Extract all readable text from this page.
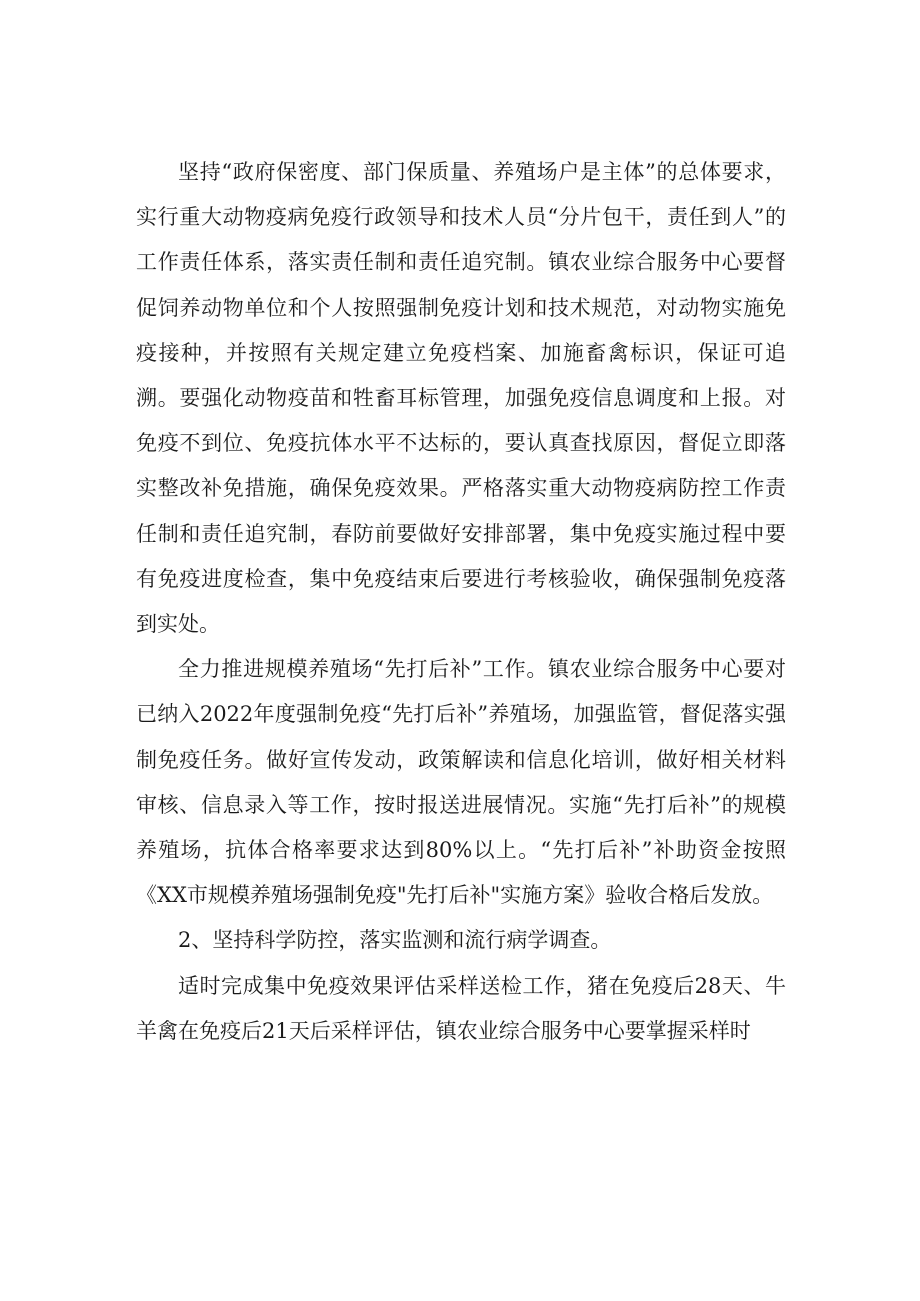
坚持“政府保密度、部门保质量、养殖场户是主体”的总体要求，实行重大动物疫病免疫行政领导和技术人员“分片包干，责任到人”的工作责任体系，落实责任制和责任追究制。镇农业综合服务中心要督促饲养动物单位和个人按照强制免疫计划和技术规范，对动物实施免疫接种，并按照有关规定建立免疫档案、加施畜禽标识，保证可追溯。要强化动物疫苗和牲畜耳标管理，加强免疫信息调度和上报。对免疫不到位、免疫抗体水平不达标的，要认真查找原因，督促立即落实整改补免措施，确保免疫效果。严格落实重大动物疫病防控工作责任制和责任追究制，春防前要做好安排部署，集中免疫实施过程中要有免疫进度检查，集中免疫结束后要进行考核验收，确保强制免疫落到实处。

全力推进规模养殖场“先打后补”工作。镇农业综合服务中心要对已纳入2022年度强制免疫“先打后补”养殖场，加强监管，督促落实强制免疫任务。做好宣传发动，政策解读和信息化培训，做好相关材料审核、信息录入等工作，按时报送进展情况。实施“先打后补”的规模养殖场，抗体合格率要求达到80%以上。“先打后补”补助资金按照《XX市规模养殖场强制免疫"先打后补"实施方案》验收合格后发放。

2、坚持科学防控，落实监测和流行病学调查。

适时完成集中免疫效果评估采样送检工作，猪在免疫后28天、牛羊禽在免疫后21天后采样评估，镇农业综合服务中心要掌握采样时
